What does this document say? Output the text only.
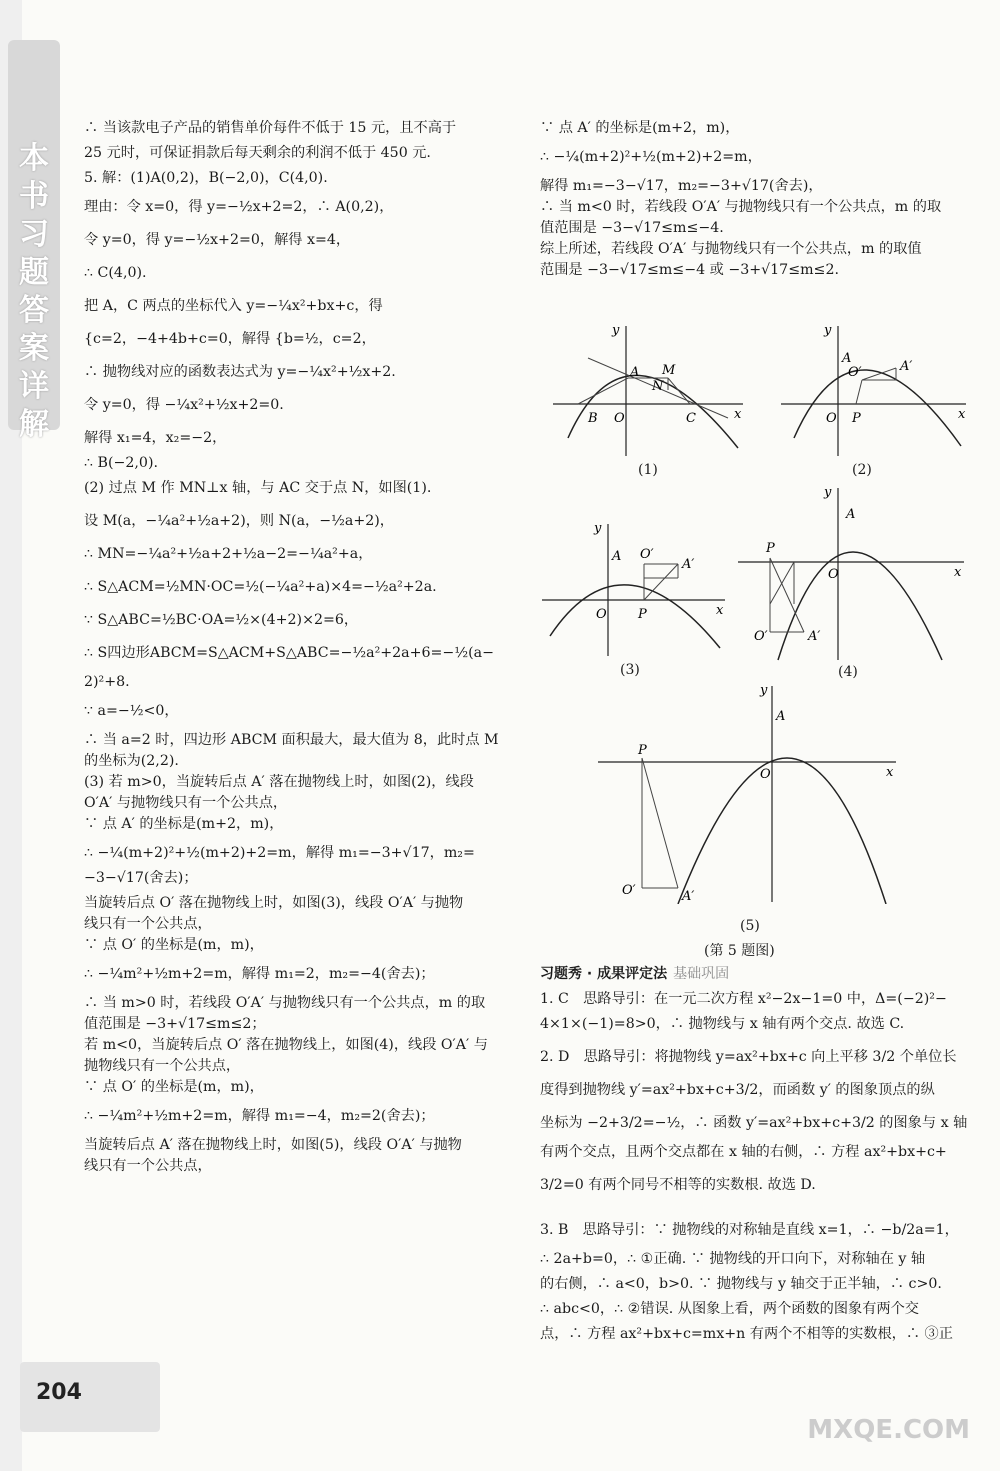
本书习题答案详解

∴ 当该款电子产品的销售单价每件不低于 15 元，且不高于

25 元时，可保证捐款后每天剩余的利润不低于 450 元.

5. 解：(1)A(0,2)，B(−2,0)，C(4,0).

理由：令 x=0，得 y=−½x+2=2，∴ A(0,2)，

令 y=0，得 y=−½x+2=0，解得 x=4，

∴ C(4,0).

把 A，C 两点的坐标代入 y=−¼x²+bx+c，得

{c=2，−4+4b+c=0，解得 {b=½，c=2，

∴ 抛物线对应的函数表达式为 y=−¼x²+½x+2.

令 y=0，得 −¼x²+½x+2=0.

解得 x₁=4，x₂=−2，

∴ B(−2,0).

(2) 过点 M 作 MN⊥x 轴，与 AC 交于点 N，如图(1).

设 M(a，−¼a²+½a+2)，则 N(a，−½a+2)，

∴ MN=−¼a²+½a+2+½a−2=−¼a²+a，

∴ S△ACM=½MN·OC=½(−¼a²+a)×4=−½a²+2a.

∵ S△ABC=½BC·OA=½×(4+2)×2=6，

∴ S四边形ABCM=S△ACM+S△ABC=−½a²+2a+6=−½(a−

2)²+8.

∵ a=−½<0，

∴ 当 a=2 时，四边形 ABCM 面积最大，最大值为 8，此时点 M

的坐标为(2,2).

(3) 若 m>0，当旋转后点 A′ 落在抛物线上时，如图(2)，线段

O′A′ 与抛物线只有一个公共点，

∵ 点 A′ 的坐标是(m+2，m)，

∴ −¼(m+2)²+½(m+2)+2=m，解得 m₁=−3+√17，m₂=

−3−√17(舍去)；

当旋转后点 O′ 落在抛物线上时，如图(3)，线段 O′A′ 与抛物

线只有一个公共点，

∵ 点 O′ 的坐标是(m，m)，

∴ −¼m²+½m+2=m，解得 m₁=2，m₂=−4(舍去)；

∴ 当 m>0 时，若线段 O′A′ 与抛物线只有一个公共点，m 的取

值范围是 −3+√17≤m≤2；

若 m<0，当旋转后点 O′ 落在抛物线上，如图(4)，线段 O′A′ 与

抛物线只有一个公共点，

∵ 点 O′ 的坐标是(m，m)，

∴ −¼m²+½m+2=m，解得 m₁=−4，m₂=2(舍去)；

当旋转后点 A′ 落在抛物线上时，如图(5)，线段 O′A′ 与抛物

线只有一个公共点，

∵ 点 A′ 的坐标是(m+2，m)，

∴ −¼(m+2)²+½(m+2)+2=m，

解得 m₁=−3−√17，m₂=−3+√17(舍去)，

∴ 当 m<0 时，若线段 O′A′ 与抛物线只有一个公共点，m 的取

值范围是 −3−√17≤m≤−4.

综上所述，若线段 O′A′ 与抛物线只有一个公共点，m 的取值

范围是 −3−√17≤m≤−4 或 −3+√17≤m≤2.

A M
N
B O	C	x
y
(1)
A
O′	A′
O P	x
y
(2)
A O′
A′
O P	x
y
(3)
A
P
O
O′	A′
x
y
(4)
A
P
O
O′	A′
x
y
(5)
(第 5 题图)

习题秀 · 成果评定法 基础巩固

1. C　思路导引：在一元二次方程 x²−2x−1=0 中，Δ=(−2)²−

4×1×(−1)=8>0，∴ 抛物线与 x 轴有两个交点. 故选 C.

2. D　思路导引：将抛物线 y=ax²+bx+c 向上平移 3/2 个单位长

度得到抛物线 y′=ax²+bx+c+3/2，而函数 y′ 的图象顶点的纵

坐标为 −2+3/2=−½，∴ 函数 y′=ax²+bx+c+3/2 的图象与 x 轴

有两个交点，且两个交点都在 x 轴的右侧，∴ 方程 ax²+bx+c+

3/2=0 有两个同号不相等的实数根. 故选 D.

3. B　思路导引：∵ 抛物线的对称轴是直线 x=1，∴ −b/2a=1，

∴ 2a+b=0，∴ ①正确. ∵ 抛物线的开口向下，对称轴在 y 轴

的右侧，∴ a<0，b>0. ∵ 抛物线与 y 轴交于正半轴，∴ c>0.

∴ abc<0，∴ ②错误. 从图象上看，两个函数的图象有两个交

点，∴ 方程 ax²+bx+c=mx+n 有两个不相等的实数根，∴ ③正

204
MXQE.COM
